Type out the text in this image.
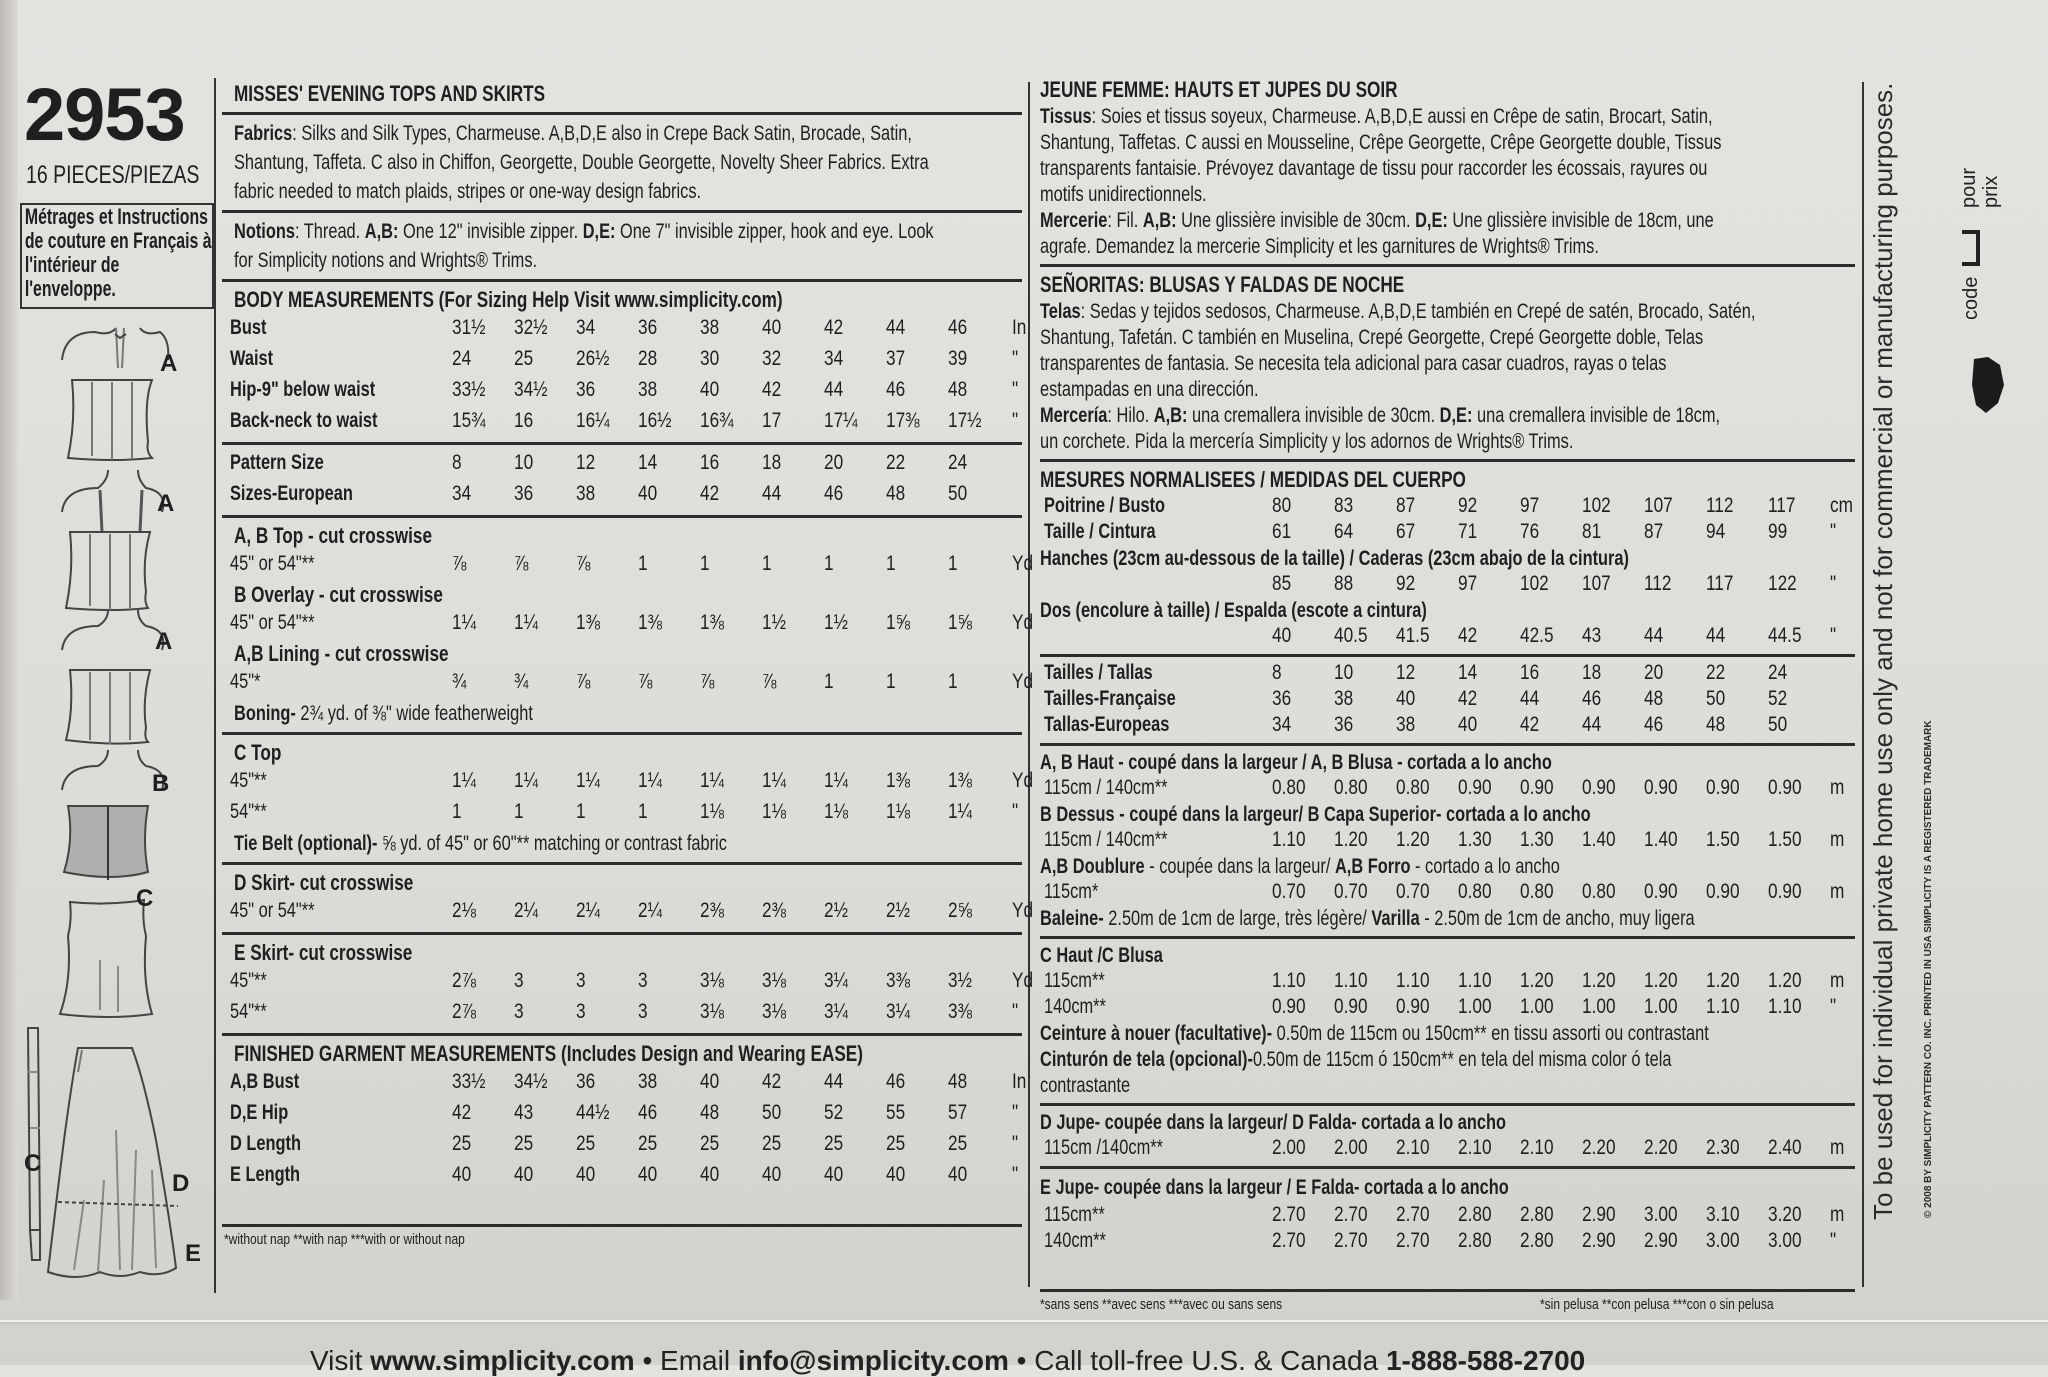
2953
16 PIECES/PIEZAS
Métrages et Instructions
de couture en Français à
l'intérieur de
l'enveloppe.
A
A
A
B
C
C
D
E
MISSES' EVENING TOPS AND SKIRTS
Fabrics: Silks and Silk Types, Charmeuse. A,B,D,E also in Crepe Back Satin, Brocade, Satin,
Shantung, Taffeta. C also in Chiffon, Georgette, Double Georgette, Novelty Sheer Fabrics. Extra
fabric needed to match plaids, stripes or one-way design fabrics.
Notions: Thread. A,B: One 12" invisible zipper. D,E: One 7" invisible zipper, hook and eye. Look
for Simplicity notions and Wrights® Trims.
BODY MEASUREMENTS (For Sizing Help Visit www.simplicity.com)
Bust	31½ 32½ 34 36 38 40 42 44 46 In
Waist	24 25 26½ 28 30 32 34 37 39 "
Hip-9" below waist	33½ 34½ 36 38 40 42 44 46 48 "
Back-neck to waist	15¾ 16 16¼ 16½ 16¾ 17 17¼ 17⅜ 17½ "
Pattern Size	8 10 12 14 16 18 20 22 24
Sizes-European	34 36 38 40 42 44 46 48 50
A, B Top - cut crosswise
45" or 54"**	⅞ ⅞ ⅞ 1 1 1 1 1 1	Yd
B Overlay - cut crosswise
45" or 54"**	1¼ 1¼ 1⅜ 1⅜ 1⅜ 1½ 1½ 1⅝ 1⅝ Yd
A,B Lining - cut crosswise
45"*	¾ ¾ ⅞ ⅞ ⅞ ⅞ 1 1 1	Yd
Boning- 2¾ yd. of ⅜" wide featherweight
C Top
45"**	1¼ 1¼ 1¼ 1¼ 1¼ 1¼ 1¼ 1⅜ 1⅜ Yd
54"**	1 1 1 1 1⅛ 1⅛ 1⅛ 1⅛ 1¼ "
Tie Belt (optional)- ⅝ yd. of 45" or 60"** matching or contrast fabric
D Skirt- cut crosswise
45" or 54"**	2⅛ 2¼ 2¼ 2¼ 2⅜ 2⅜ 2½ 2½ 2⅝ Yd
E Skirt- cut crosswise
45"**	2⅞ 3 3 3 3⅛ 3⅛ 3¼ 3⅜ 3½ Yd
54"**	2⅞ 3 3 3 3⅛ 3⅛ 3¼ 3¼ 3⅜ "
FINISHED GARMENT MEASUREMENTS (Includes Design and Wearing EASE)
A,B Bust	33½ 34½ 36 38 40 42 44 46 48 In
D,E Hip	42 43 44½ 46 48 50 52 55 57 "
D Length	25 25 25 25 25 25 25 25 25 "
E Length	40 40 40 40 40 40 40 40 40 "
*without nap **with nap ***with or without nap
JEUNE FEMME: HAUTS ET JUPES DU SOIR
Tissus: Soies et tissus soyeux, Charmeuse. A,B,D,E aussi en Crêpe de satin, Brocart, Satin,
Shantung, Taffetas. C aussi en Mousseline, Crêpe Georgette, Crêpe Georgette double, Tissus
transparents fantaisie. Prévoyez davantage de tissu pour raccorder les écossais, rayures ou
motifs unidirectionnels.
Mercerie: Fil. A,B: Une glissière invisible de 30cm. D,E: Une glissière invisible de 18cm, une
agrafe. Demandez la mercerie Simplicity et les garnitures de Wrights® Trims.
SEÑORITAS: BLUSAS Y FALDAS DE NOCHE
Telas: Sedas y tejidos sedosos, Charmeuse. A,B,D,E también en Crepé de satén, Brocado, Satén,
Shantung, Tafetán. C también en Muselina, Crepé Georgette, Crepé Georgette doble, Telas
transparentes de fantasia. Se necesita tela adicional para casar cuadros, rayas o telas
estampadas en una dirección.
Mercería: Hilo. A,B: una cremallera invisible de 30cm. D,E: una cremallera invisible de 18cm,
un corchete. Pida la mercería Simplicity y los adornos de Wrights® Trims.
MESURES NORMALISEES / MEDIDAS DEL CUERPO
Poitrine / Busto	80 83 87 92 97 102 107 112 117 cm
Taille / Cintura	61 64 67 71 76 81 87 94 99 "
Hanches (23cm au-dessous de la taille) / Caderas (23cm abajo de la cintura)
85 88 92 97 102 107 112 117 122 "
Dos (encolure à taille) / Espalda (escote a cintura)
40 40.5 41.5 42 42.5 43 44 44 44.5 "
Tailles / Tallas	8 10 12 14 16 18 20 22 24
Tailles-Française	36 38 40 42 44 46 48 50 52
Tallas-Europeas	34 36 38 40 42 44 46 48 50
A, B Haut - coupé dans la largeur / A, B Blusa - cortada a lo ancho
115cm / 140cm**	0.80 0.80 0.80 0.90 0.90 0.90 0.90 0.90 0.90 m
B Dessus - coupé dans la largeur/ B Capa Superior- cortada a lo ancho
115cm / 140cm**	1.10 1.20 1.20 1.30 1.30 1.40 1.40 1.50 1.50 m
A,B Doublure - coupée dans la largeur/ A,B Forro - cortado a lo ancho
115cm*	0.70 0.70 0.70 0.80 0.80 0.80 0.90 0.90 0.90 m
Baleine- 2.50m de 1cm de large, très légère/ Varilla - 2.50m de 1cm de ancho, muy ligera
C Haut /C Blusa
115cm**	1.10 1.10 1.10 1.10 1.20 1.20 1.20 1.20 1.20 m
140cm**	0.90 0.90 0.90 1.00 1.00 1.00 1.00 1.10 1.10 "
Ceinture à nouer (facultative)- 0.50m de 115cm ou 150cm** en tissu assorti ou contrastant
Cinturón de tela (opcional)-0.50m de 115cm ó 150cm** en tela del misma color ó tela
contrastante
D Jupe- coupée dans la largeur/ D Falda- cortada a lo ancho
115cm /140cm**	2.00 2.00 2.10 2.10 2.10 2.20 2.20 2.30 2.40 m
E Jupe- coupée dans la largeur / E Falda- cortada a lo ancho
115cm**	2.70 2.70 2.70 2.80 2.80 2.90 3.00 3.10 3.20 m
140cm**	2.70 2.70 2.70 2.80 2.80 2.90 2.90 3.00 3.00 "
*sans sens **avec sens ***avec ou sans sens	*sin pelusa **con pelusa ***con o sin pelusa
To be used for individual private home use only and not for commercial or manufacturing purposes.	© 2008 BY SIMPLICITY PATTERN CO. INC. PRINTED IN USA SIMPLICITY IS A REGISTERED TRADEMARK
pour
prix
code
Visit www.simplicity.com • Email info@simplicity.com • Call toll-free U.S. & Canada 1-888-588-2700
